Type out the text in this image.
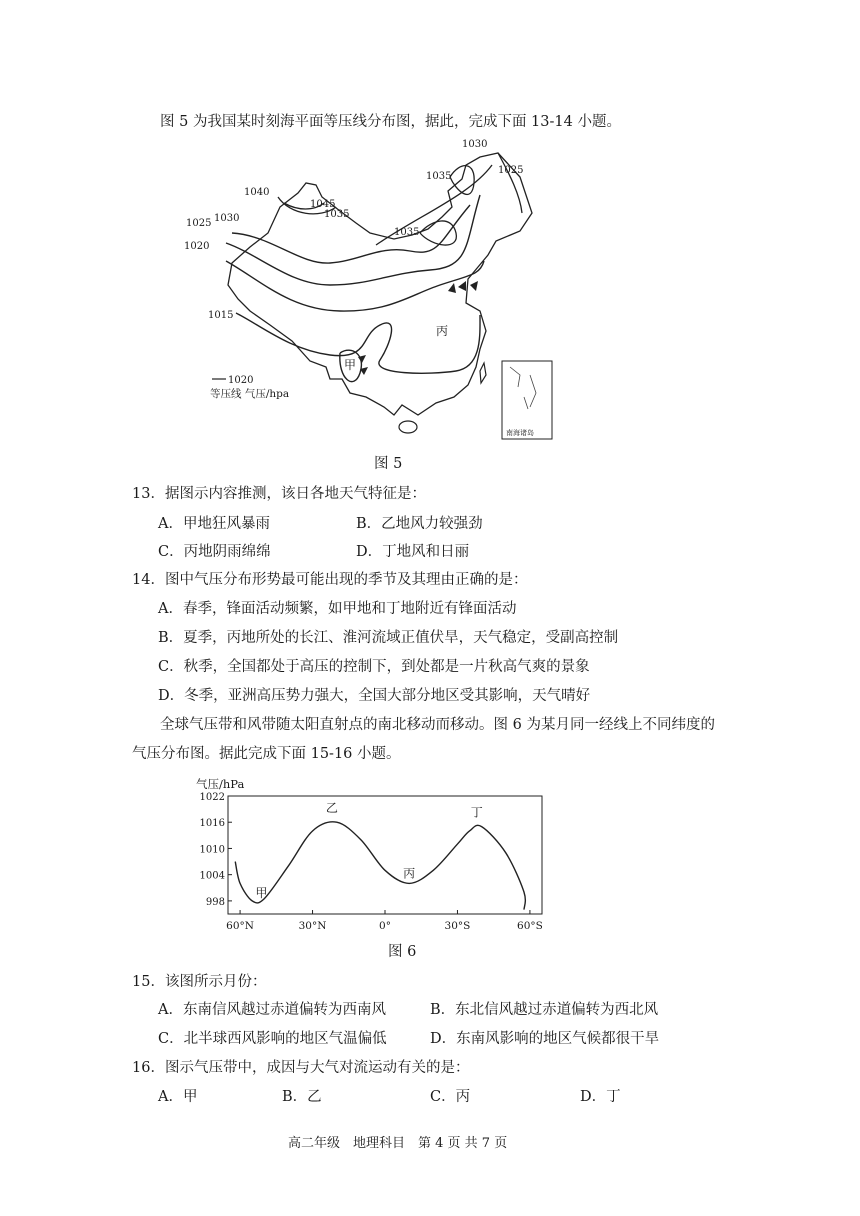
图 5 为我国某时刻海平面等压线分布图，据此，完成下面 13-14 小题。
1030
1025
1035
1040
1045
1035
1025 1030
1035
1020
1015
甲
丙
1020
等压线 气压/hpa
南海诸岛
图 5
13．据图示内容推测，该日各地天气特征是：
A．甲地狂风暴雨	B．乙地风力较强劲
C．丙地阴雨绵绵	D．丁地风和日丽
14．图中气压分布形势最可能出现的季节及其理由正确的是：
A．春季，锋面活动频繁，如甲地和丁地附近有锋面活动
B．夏季，丙地所处的长江、淮河流域正值伏旱，天气稳定，受副高控制
C．秋季，全国都处于高压的控制下，到处都是一片秋高气爽的景象
D．冬季，亚洲高压势力强大，全国大部分地区受其影响，天气晴好
全球气压带和风带随太阳直射点的南北移动而移动。图 6 为某月同一经线上不同纬度的
气压分布图。据此完成下面 15-16 小题。
气压/hPa
998
1004
1010
1016
1022
60°N	30°N	0°	30°S	60°S
甲
乙
丙
丁
图 6
15．该图所示月份：
A．东南信风越过赤道偏转为西南风	B．东北信风越过赤道偏转为西北风
C．北半球西风影响的地区气温偏低	D．东南风影响的地区气候都很干旱
16．图示气压带中，成因与大气对流运动有关的是：
A．甲	B．乙	C．丙	D．丁
高二年级　地理科目　第 4 页 共 7 页
